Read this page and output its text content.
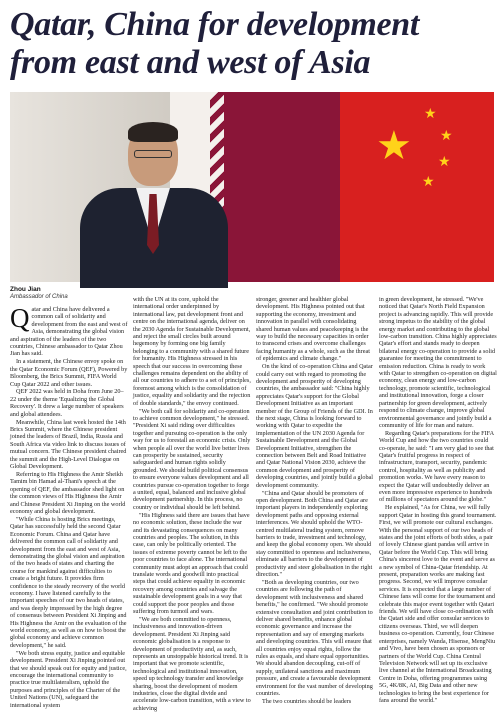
Qatar, China for development from east and west of Asia
★
★
★
★
★
Zhou Jian
Ambassador of China
Q atar and China have delivered a common call of solidarity and development from the east and west of Asia, demonstrating the global vision and aspiration of the leaders of the two countries, Chinese ambassador to Qatar Zhou Jian has said.

In a statement, the Chinese envoy spoke on the Qatar Economic Forum (QEF), Powered by Bloomberg, the Brics Summit, FIFA World Cup Qatar 2022 and other issues.

QEF 2022 was held in Doha from June 20–22 under the theme 'Equalizing the Global Recovery'. It drew a large number of speakers and global attendees.

Meanwhile, China last week hosted the 14th Brics Summit, where the Chinese president joined the leaders of Brazil, India, Russia and South Africa via video link to discuss issues of mutual concern. The Chinese president chaired the summit and the High-Level Dialogue on Global Development.

Referring to His Highness the Amir Sheikh Tamim bin Hamad al-Thani's speech at the opening of QEF, the ambassador shed light on the common views of His Highness the Amir and Chinese President Xi Jinping on the world economy and global development.

"While China is hosting Brics meetings, Qatar has successfully held the second Qatar Economic Forum. China and Qatar have delivered the common call of solidarity and development from the east and west of Asia, demonstrating the global vision and aspiration of the two heads of states and charting the course for mankind against difficulties to create a bright future. It provides firm confidence to the steady recovery of the world economy. I have listened carefully to the important speeches of our two heads of states, and was deeply impressed by the high degree of consensus between President Xi Jinping and His Highness the Amir on the evaluation of the world economy, as well as on how to boost the global economy and achieve common development," he said.

"We both stress equity, justice and equitable development. President Xi Jinping pointed out that we should speak out for equity and justice, encourage the international community to practice true multilateralism, uphold the purposes and principles of the Charter of the United Nations (UN), safeguard the international system

with the UN at its core, uphold the international order underpinned by international law, put development front and centre on the international agenda, deliver on the 2030 Agenda for Sustainable Development, and reject the small circles built around hegemony by forming one big family belonging to a community with a shared future for humanity. His Highness stressed in his speech that our success in overcoming these challenges remains dependent on the ability of all our countries to adhere to a set of principles, foremost among which is the consolidation of justice, equality and solidarity and the rejection of double standards," the envoy continued.

"We both call for solidarity and co-operation to achieve common development," he stressed. "President Xi said riding over difficulties together and pursuing co-operation is the only way for us to forestall an economic crisis. Only when people all over the world live better lives can prosperity be sustained, security safeguarded and human rights solidly grounded. We should build political consensus to ensure everyone values development and all countries pursue co-operation together to forge a united, equal, balanced and inclusive global development partnership. In this process, no country or individual should be left behind.

"His Highness said there are issues that have no economic solution, these include the war and its devastating consequences on many countries and peoples. The solution, in this case, can only be politically oriented. The issues of extreme poverty cannot be left to the poor countries to face alone. The international community must adopt an approach that could translate words and goodwill into practical steps that could achieve equality in economic recovery among countries and salvage the sustainable development goals in a way that could support the poor peoples and those suffering from turmoil and wars.

"We are both committed to openness, inclusiveness and innovation-driven development. President Xi Jinping said economic globalisation is a response to development of productivity and, as such, represents an unstoppable historical trend. It is important that we promote scientific, technological and institutional innovation, speed up technology transfer and knowledge sharing, boost the development of modern industries, close the digital divide and accelerate low-carbon transition, with a view to achieving

stronger, greener and healthier global development. His Highness pointed out that supporting the economy, investment and innovation in parallel with consolidating shared human values and peacekeeping is the way to build the necessary capacities in order to transcend crises and overcome challenges facing humanity as a whole, such as the threat of epidemics and climate change."

On the kind of co-operation China and Qatar could carry out with regard to promoting the development and prosperity of developing countries, the ambassador said: "China highly appreciates Qatar's support for the Global Development Initiative as an important member of the Group of Friends of the GDI. In the next stage, China is looking forward to working with Qatar to expedite the implementation of the UN 2030 Agenda for Sustainable Development and the Global Development Initiative, strengthen the connection between Belt and Road Initiative and Qatar National Vision 2030, achieve the common development and prosperity of developing countries, and jointly build a global development community.

"China and Qatar should be promoters of open development. Both China and Qatar are important players in independently exploring development paths and opposing external interferences. We should uphold the WTO-centred multilateral trading system, remove barriers to trade, investment and technology, and keep the global economy open. We should stay committed to openness and inclusiveness, eliminate all barriers to the development of productivity and steer globalisation in the right direction."

"Both as developing countries, our two countries are following the path of development with inclusiveness and shared benefits," he confirmed. "We should promote extensive consultation and joint contribution to deliver shared benefits, enhance global economic governance and increase the representation and say of emerging markets and developing countries. This will ensure that all countries enjoy equal rights, follow the rules as equals, and share equal opportunities. We should abandon decoupling, cut-off of supply, unilateral sanctions and maximum pressure, and create a favourable development environment for the vast number of developing countries.

The two countries should be leaders

in green development, he stressed. "We've noticed that Qatar's North Field Expansion project is advancing rapidly. This will provide strong impetus to the stability of the global energy market and contributing to the global low-carbon transition. China highly appreciates Qatar's effort and stands ready to deepen bilateral energy co-operation to provide a solid guarantee for meeting the commitment to emission reduction. China is ready to work with Qatar to strengthen co-operation on digital economy, clean energy and low-carbon technology, promote scientific, technological and institutional innovation, forge a closer partnership for green development, actively respond to climate change, improve global environmental governance and jointly build a community of life for man and nature.

Regarding Qatar's preparations for the FIFA World Cup and how the two countries could co-operate, he said: "I am very glad to see that Qatar's fruitful progress in respect of infrastructure, transport, security, pandemic control, hospitality as well as publicity and promotion works. We have every reason to expect the Qatar will undoubtedly deliver an even more impressive experience to hundreds of millions of spectators around the globe."

He explained, "As for China, we will fully support Qatar in hosting this grand tournament. First, we will promote our cultural exchanges. With the personal support of our two heads of states and the joint efforts of both sides, a pair of lovely Chinese giant pandas will arrive in Qatar before the World Cup. This will bring China's sincerest love to the event and serve as a new symbol of China-Qatar friendship. At present, preparation works are making fast progress. Second, we will improve consular services. It is expected that a large number of Chinese fans will come for the tournament and celebrate this major event together with Qatari friends. We will have close co-ordination with the Qatari side and offer consular services to citizens overseas. Third, we will deepen business co-operation. Currently, four Chinese enterprises, namely Wanda, Hisense, MengNiu and Vivo, have been chosen as sponsors or partners of the World Cup. China Central Television Network will set up its exclusive live channel at the International Broadcasting Centre in Doha, offering programmes using 5G, 4K/8K, AI, Big Data and other new technologies to bring the best experience for fans around the world."
